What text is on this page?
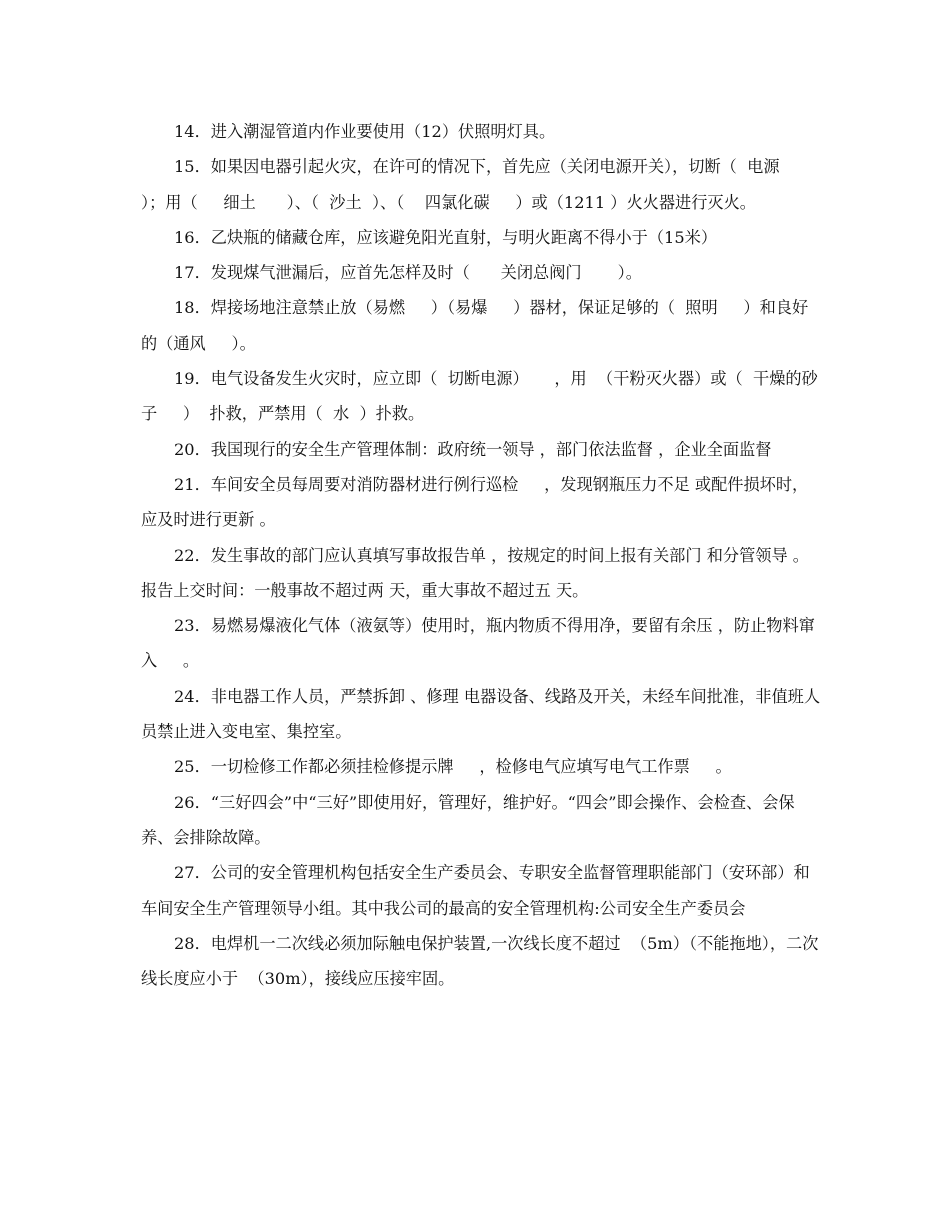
14．进入潮湿管道内作业要使用（12）伏照明灯具。

15．如果因电器引起火灾，在许可的情况下，首先应（关闭电源开关），切断（  电源     ）；用（     细土      ）、（  沙土  ）、（    四氯化碳     ）或（1211 ）火火器进行灭火。

16．乙炔瓶的储藏仓库，应该避免阳光直射，与明火距离不得小于（15米）

17．发现煤气泄漏后，应首先怎样及时（      关闭总阀门       ）。

18．焊接场地注意禁止放（易燃     ）（易爆     ）器材，保证足够的（  照明     ）和良好的（通风     ）。

19．电气设备发生火灾时，应立即（  切断电源）     ，用  （干粉灭火器）或（  干燥的砂子     ）  扑救，严禁用（  水  ）扑救。

20．我国现行的安全生产管理体制：政府统一领导 ，部门依法监督 ，企业全面监督

21．车间安全员每周要对消防器材进行例行巡检     ，发现钢瓶压力不足 或配件损坏时，应及时进行更新 。

22．发生事故的部门应认真填写事故报告单 ，按规定的时间上报有关部门 和分管领导 。报告上交时间：一般事故不超过两 天，重大事故不超过五 天。

23．易燃易爆液化气体（液氨等）使用时，瓶内物质不得用净，要留有余压 ，防止物料窜入     。

24．非电器工作人员，严禁拆卸 、修理 电器设备、线路及开关，未经车间批准，非值班人员禁止进入变电室、集控室。

25．一切检修工作都必须挂检修提示牌     ，检修电气应填写电气工作票     。

26．“三好四会”中“三好”即使用好，管理好，维护好。“四会”即会操作、会检查、会保养、会排除故障。

27．公司的安全管理机构包括安全生产委员会、专职安全监督管理职能部门（安环部）和车间安全生产管理领导小组。其中我公司的最高的安全管理机构:公司安全生产委员会

28．电焊机一二次线必须加际触电保护装置,一次线长度不超过  （5m）（不能拖地），二次线长度应小于  （30m），接线应压接牢固。
